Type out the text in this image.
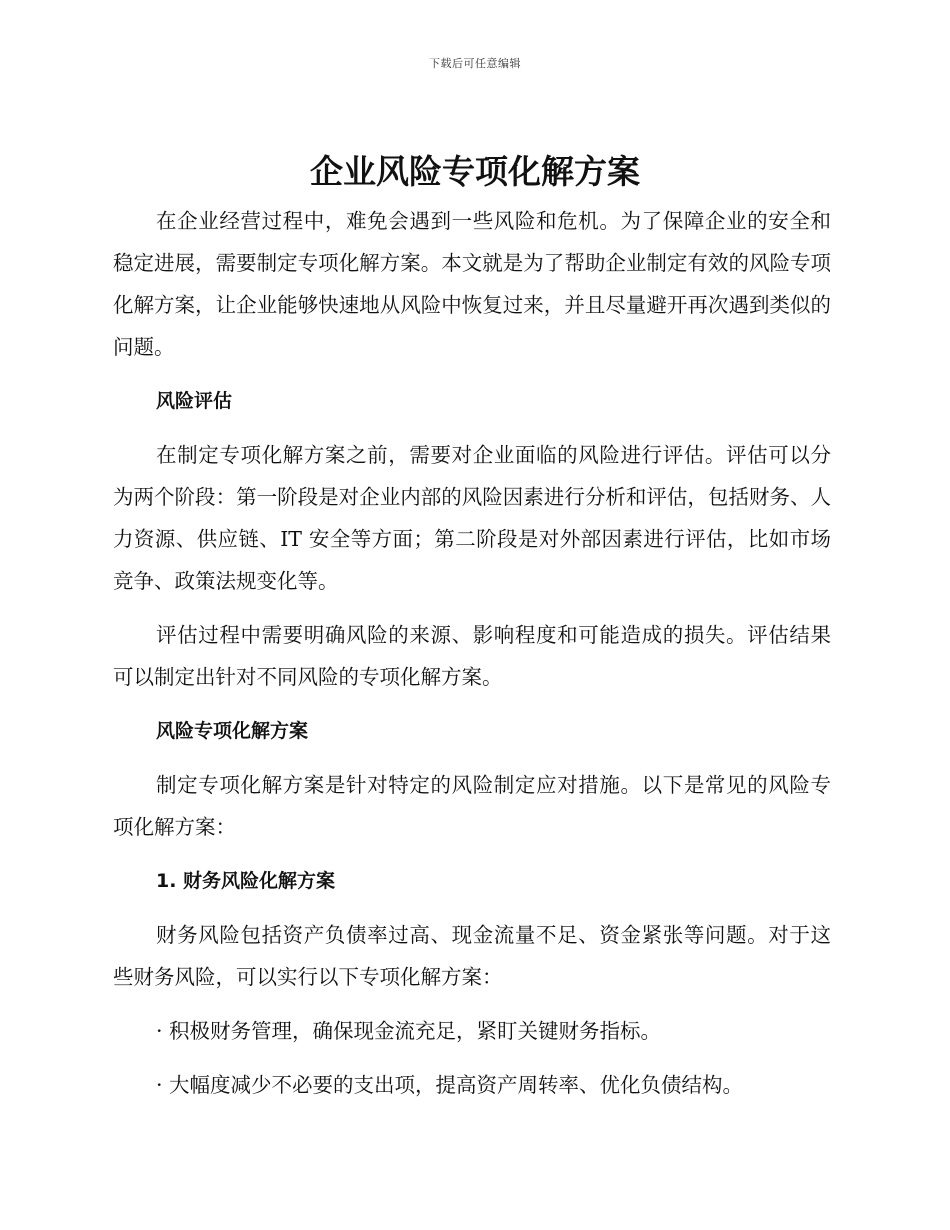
下载后可任意编辑
企业风险专项化解方案

在企业经营过程中，难免会遇到一些风险和危机。为了保障企业的安全和稳定进展，需要制定专项化解方案。本文就是为了帮助企业制定有效的风险专项化解方案，让企业能够快速地从风险中恢复过来，并且尽量避开再次遇到类似的问题。

风险评估

在制定专项化解方案之前，需要对企业面临的风险进行评估。评估可以分为两个阶段：第一阶段是对企业内部的风险因素进行分析和评估，包括财务、人力资源、供应链、IT 安全等方面；第二阶段是对外部因素进行评估，比如市场竞争、政策法规变化等。

评估过程中需要明确风险的来源、影响程度和可能造成的损失。评估结果可以制定出针对不同风险的专项化解方案。

风险专项化解方案

制定专项化解方案是针对特定的风险制定应对措施。以下是常见的风险专项化解方案：

1. 财务风险化解方案

财务风险包括资产负债率过高、现金流量不足、资金紧张等问题。对于这些财务风险，可以实行以下专项化解方案：

· 积极财务管理，确保现金流充足，紧盯关键财务指标。
· 大幅度减少不必要的支出项，提高资产周转率、优化负债结构。
